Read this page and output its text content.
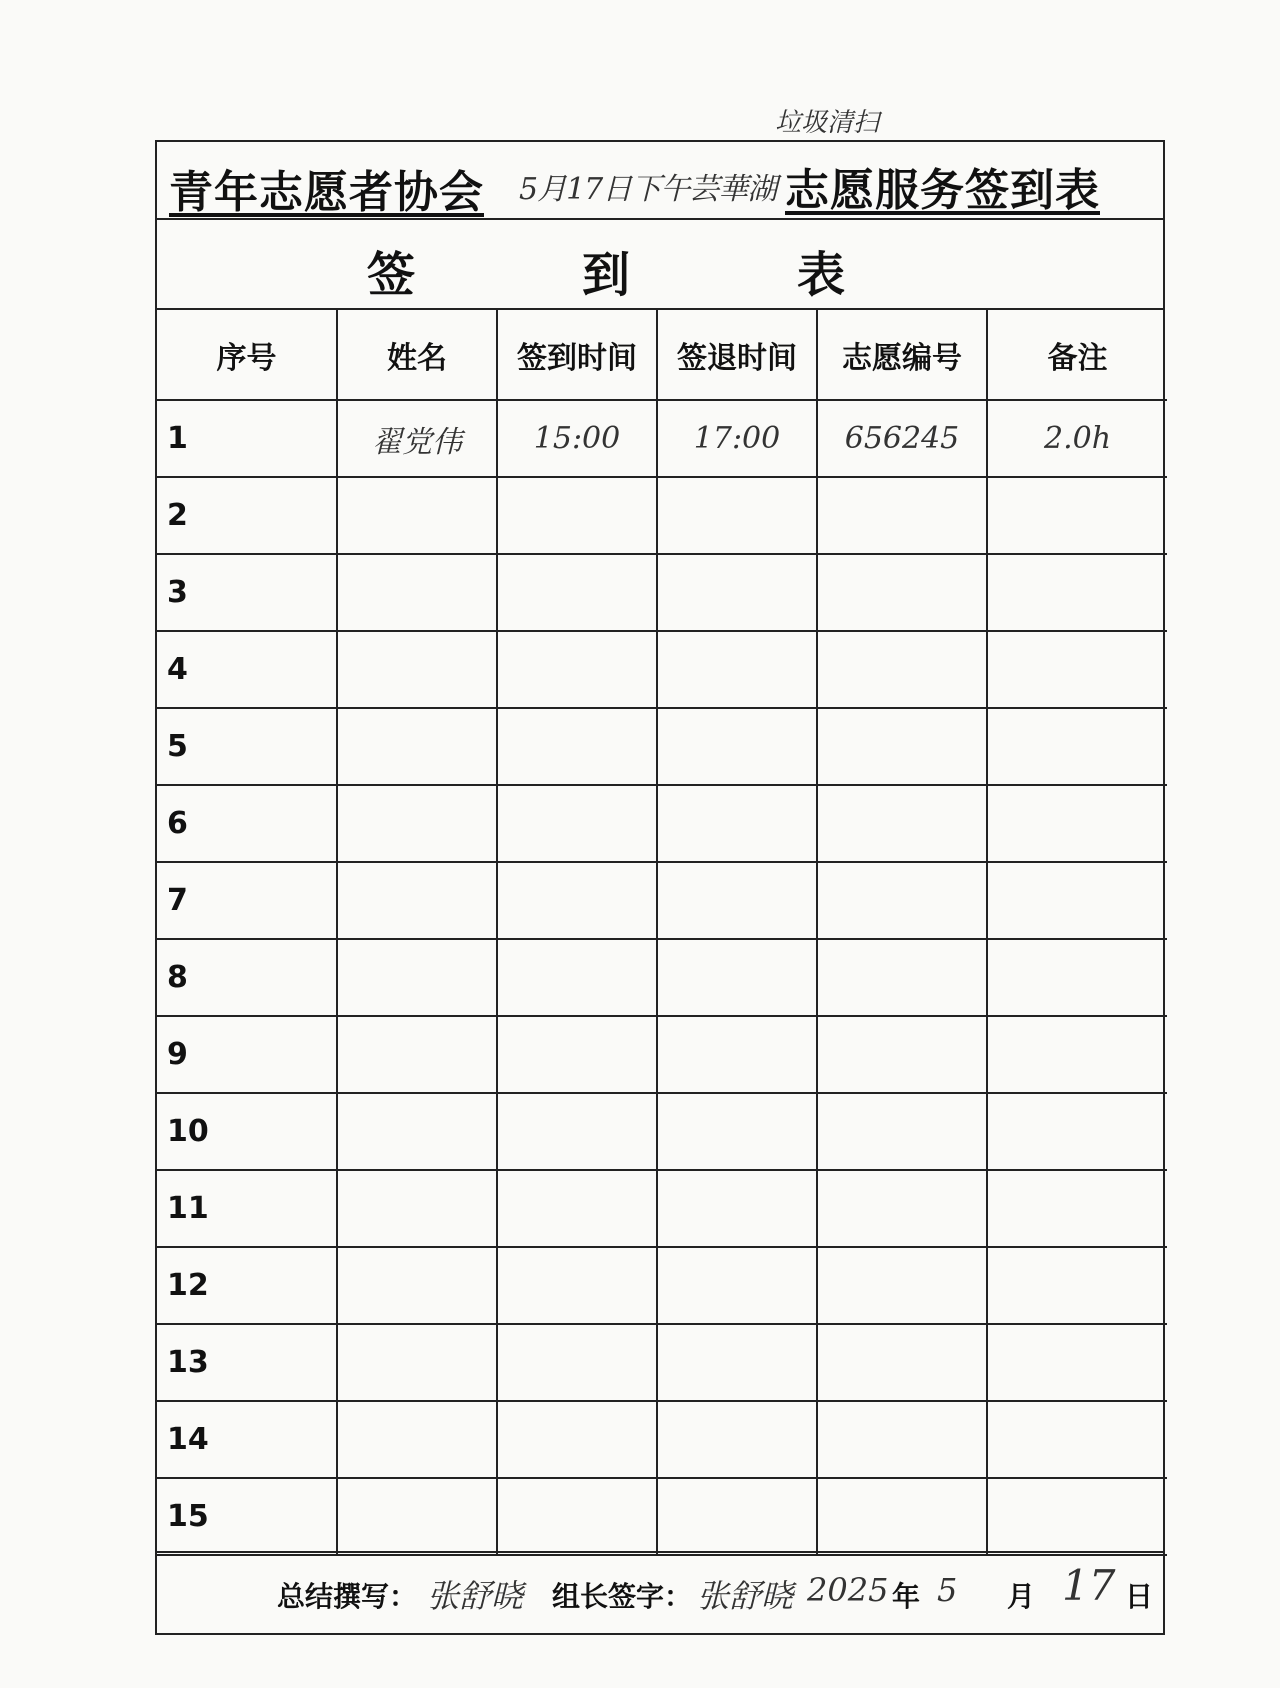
青年志愿者协会 5月17日下午芸華湖
垃圾清扫
志愿服务签到表
签	到	表
序号	姓名	签到时间	签退时间	志愿编号	备注
1	翟党伟	15:00	17:00	656245	2.0h
2					
3					
4					
5					
6					
7					
8					
9					
10					
11					
12					
13					
14					
15					
总结撰写： 张舒晓 组长签字： 张舒晓 2025 年 5 月 17 日
